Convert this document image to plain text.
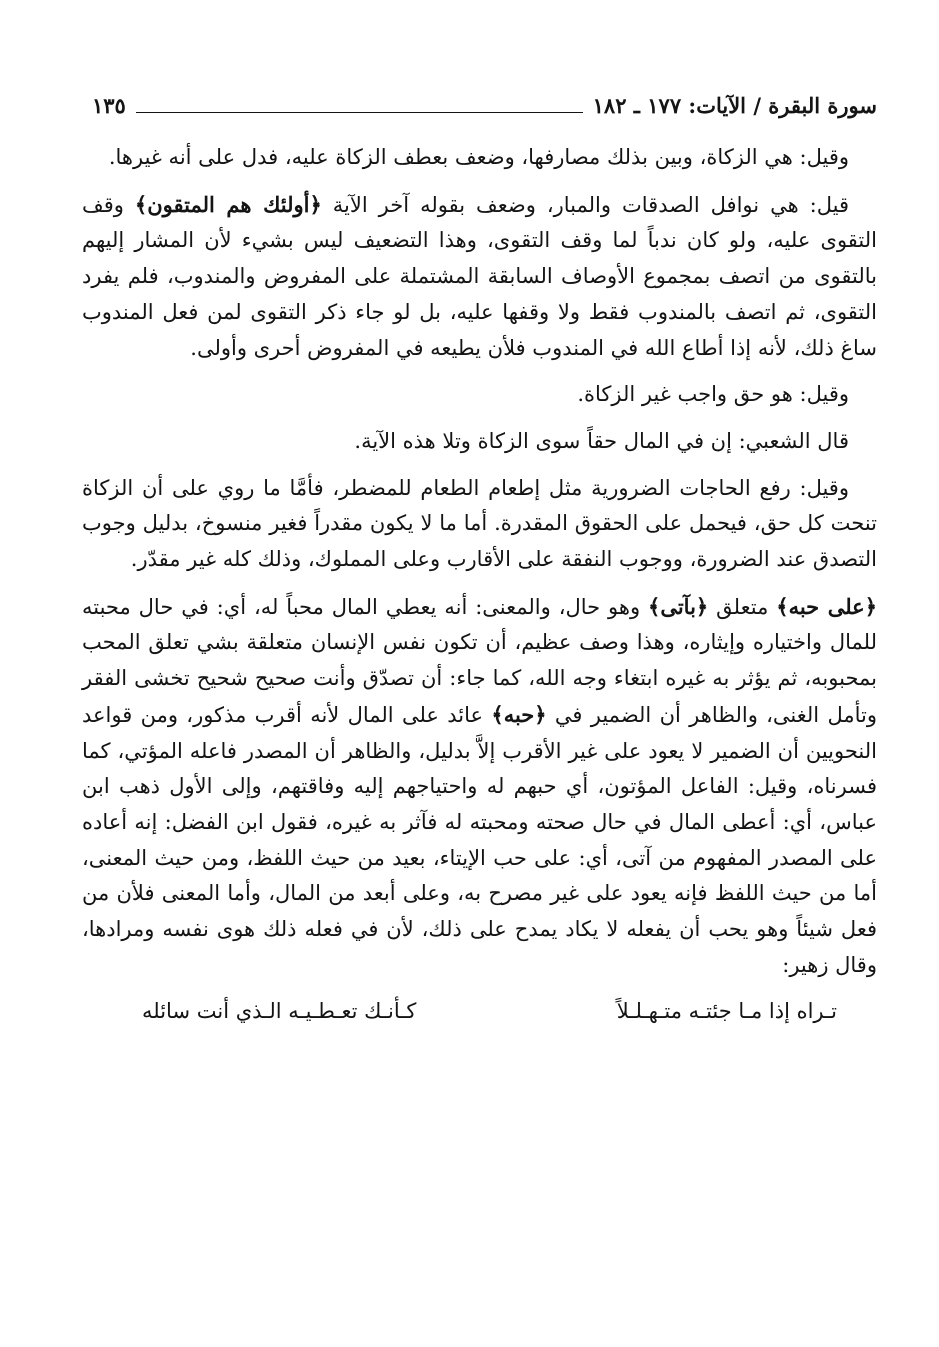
سورة البقرة / الآيات: ١٧٧ ـ ١٨٢
١٣٥

وقيل: هي الزكاة، وبين بذلك مصارفها، وضعف بعطف الزكاة عليه، فدل على أنه غيرها.

قيل: هي نوافل الصدقات والمبار، وضعف بقوله آخر الآية ﴿أولئك هم المتقون﴾ وقف التقوى عليه، ولو كان ندباً لما وقف التقوى، وهذا التضعيف ليس بشيء لأن المشار إليهم بالتقوى من اتصف بمجموع الأوصاف السابقة المشتملة على المفروض والمندوب، فلم يفرد التقوى، ثم اتصف بالمندوب فقط ولا وقفها عليه، بل لو جاء ذكر التقوى لمن فعل المندوب ساغ ذلك، لأنه إذا أطاع الله في المندوب فلأن يطيعه في المفروض أحرى وأولى.

وقيل: هو حق واجب غير الزكاة.

قال الشعبي: إن في المال حقاً سوى الزكاة وتلا هذه الآية.

وقيل: رفع الحاجات الضرورية مثل إطعام الطعام للمضطر، فأمَّا ما روي على أن الزكاة تنحت كل حق، فيحمل على الحقوق المقدرة. أما ما لا يكون مقدراً فغير منسوخ، بدليل وجوب التصدق عند الضرورة، ووجوب النفقة على الأقارب وعلى المملوك، وذلك كله غير مقدّر.

﴿على حبه﴾ متعلق ﴿بآتى﴾ وهو حال، والمعنى: أنه يعطي المال محباً له، أي: في حال محبته للمال واختياره وإيثاره، وهذا وصف عظيم، أن تكون نفس الإنسان متعلقة بشي تعلق المحب بمحبوبه، ثم يؤثر به غيره ابتغاء وجه الله، كما جاء: أن تصدّق وأنت صحيح شحيح تخشى الفقر وتأمل الغنى، والظاهر أن الضمير في ﴿حبه﴾ عائد على المال لأنه أقرب مذكور، ومن قواعد النحويين أن الضمير لا يعود على غير الأقرب إلاَّ بدليل، والظاهر أن المصدر فاعله المؤتي، كما فسرناه، وقيل: الفاعل المؤتون، أي حبهم له واحتياجهم إليه وفاقتهم، وإلى الأول ذهب ابن عباس، أي: أعطى المال في حال صحته ومحبته له فآثر به غيره، فقول ابن الفضل: إنه أعاده على المصدر المفهوم من آتى، أي: على حب الإيتاء، بعيد من حيث اللفظ، ومن حيث المعنى، أما من حيث اللفظ فإنه يعود على غير مصرح به، وعلى أبعد من المال، وأما المعنى فلأن من فعل شيئاً وهو يحب أن يفعله لا يكاد يمدح على ذلك، لأن في فعله ذلك هوى نفسه ومرادها، وقال زهير:

تـراه إذا مـا جئتـه متـهـلـلاً
كـأنـك تعـطـيـه الـذي أنت سائله
